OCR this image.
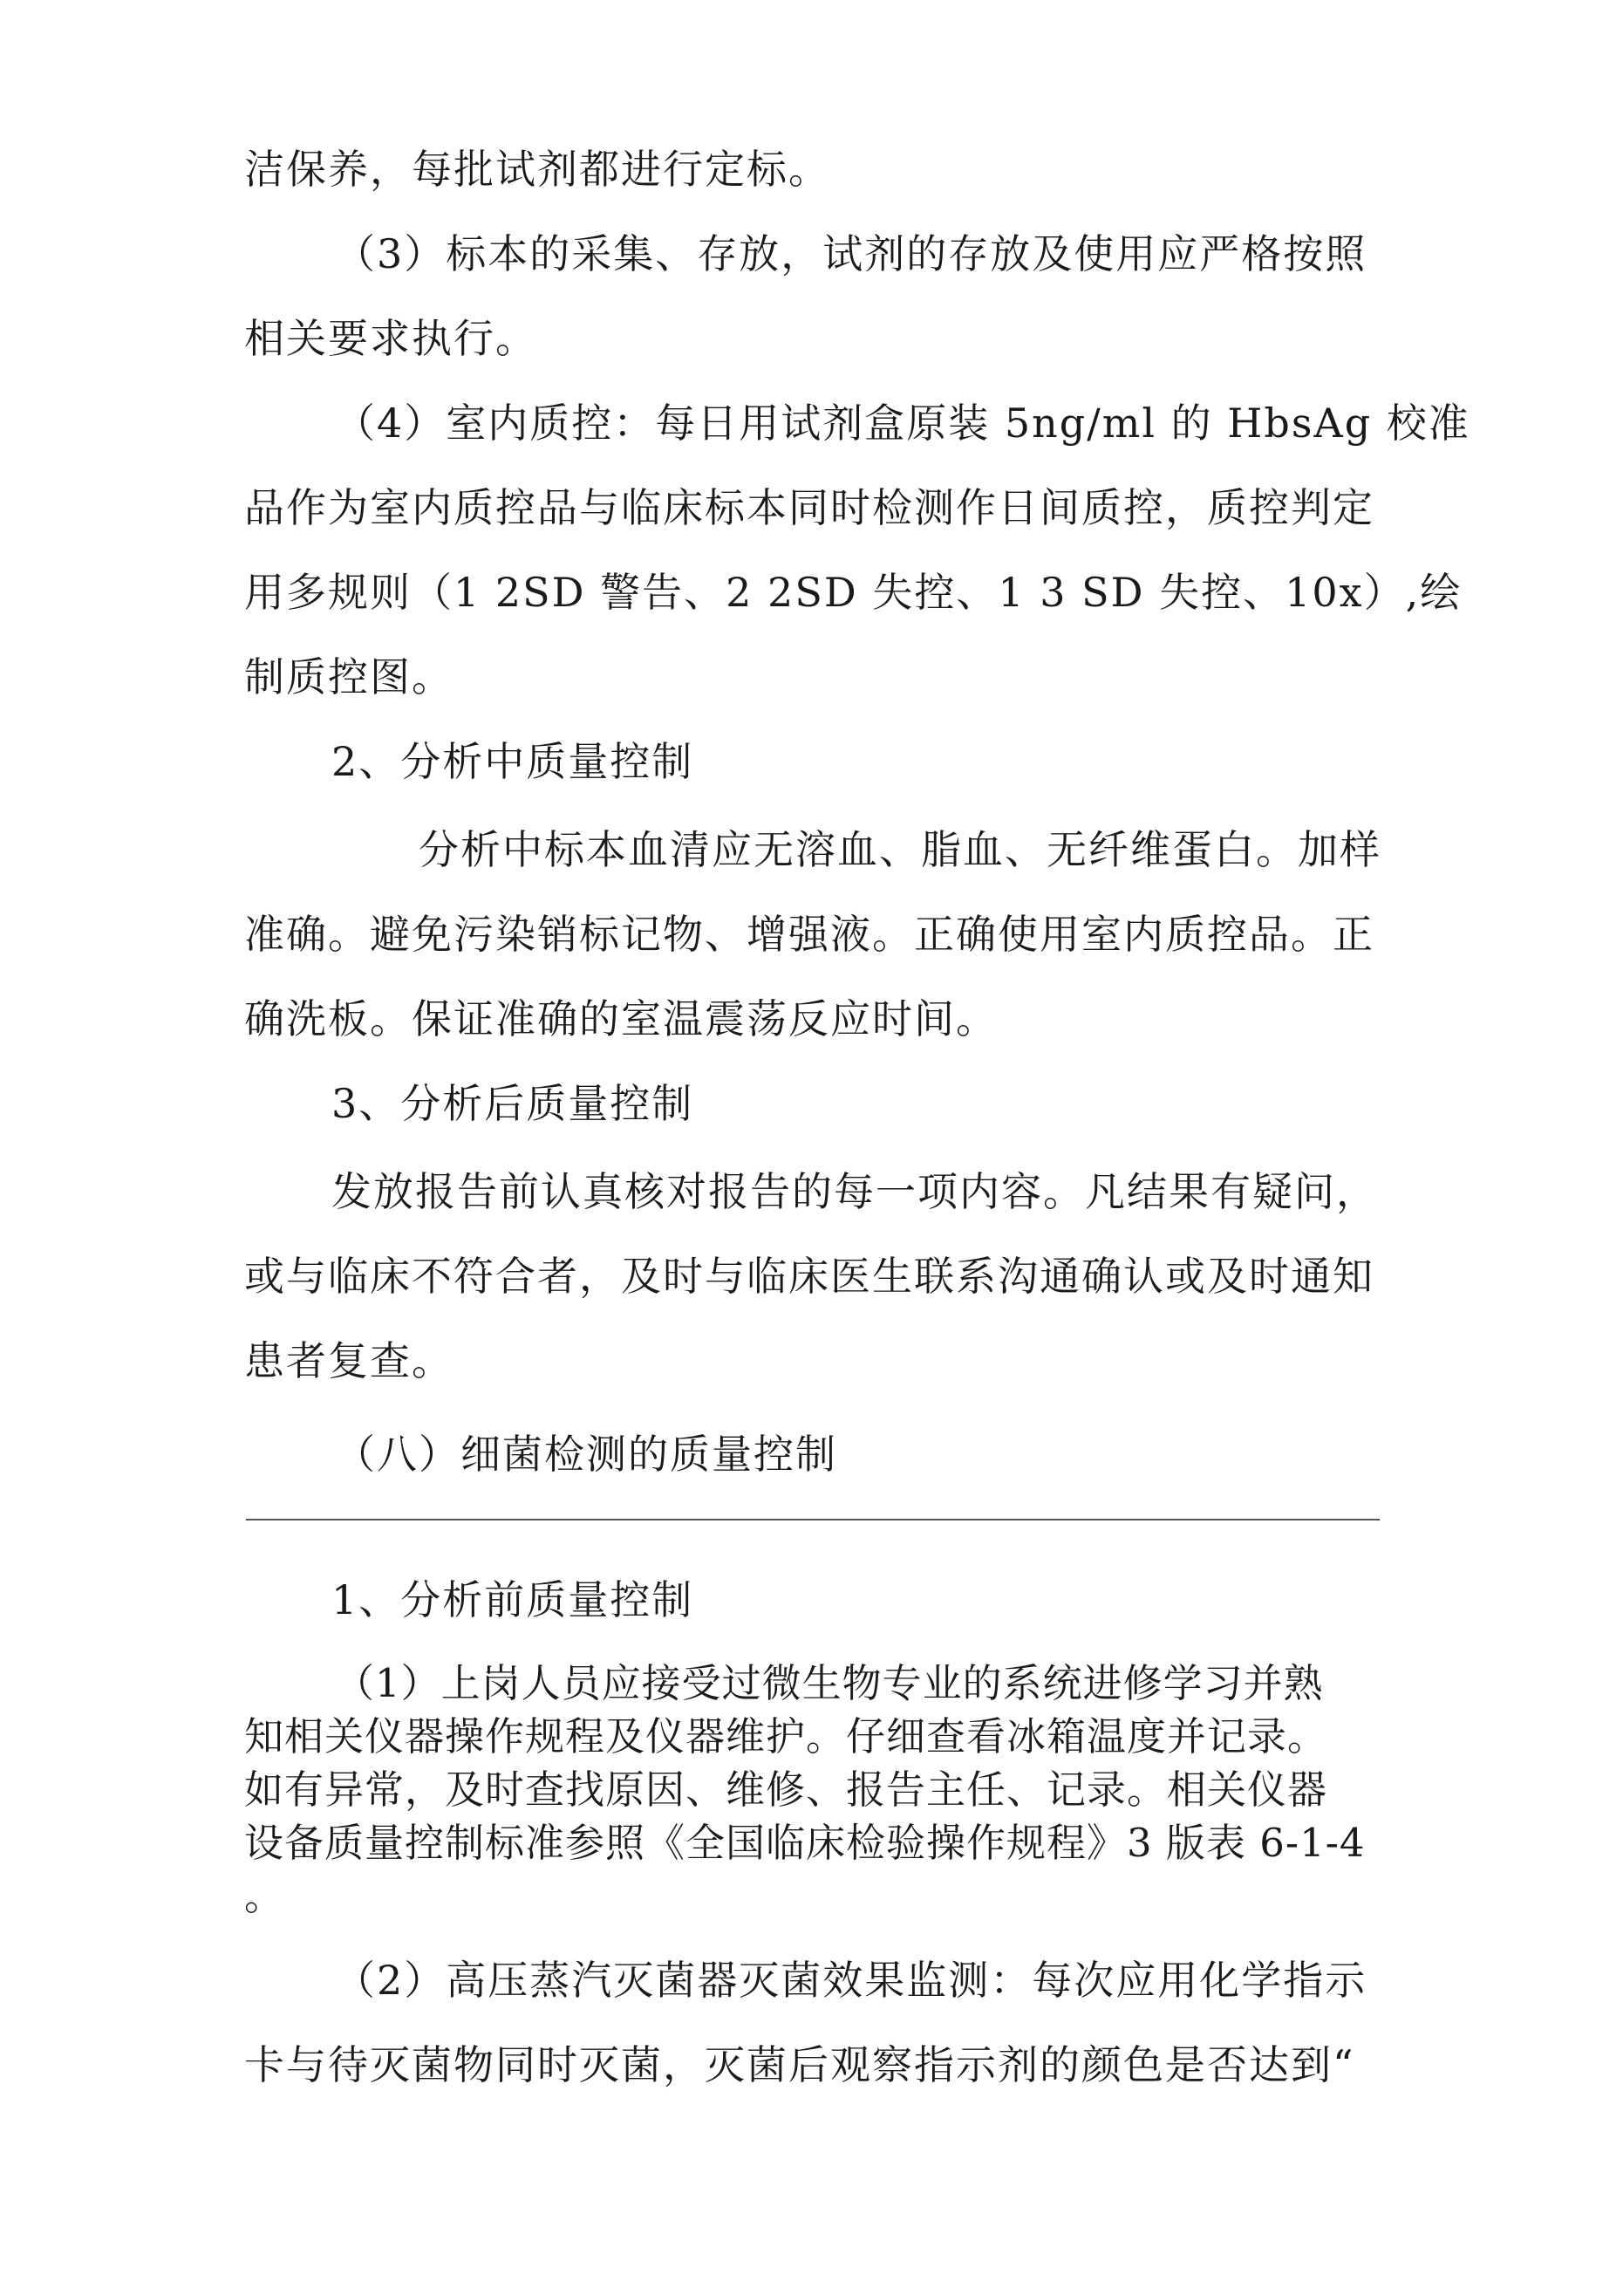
洁保养，每批试剂都进行定标。
（3）标本的采集、存放，试剂的存放及使用应严格按照
相关要求执行。
（4）室内质控：每日用试剂盒原装 5ng/ml 的 HbsAg 校准
品作为室内质控品与临床标本同时检测作日间质控，质控判定
用多规则（1 2SD 警告、2 2SD 失控、1 3 SD 失控、10x）,绘
制质控图。
2、分析中质量控制
分析中标本血清应无溶血、脂血、无纤维蛋白。加样
准确。避免污染销标记物、增强液。正确使用室内质控品。正
确洗板。保证准确的室温震荡反应时间。
3、分析后质量控制
发放报告前认真核对报告的每一项内容。凡结果有疑问，
或与临床不符合者，及时与临床医生联系沟通确认或及时通知
患者复查。
（八）细菌检测的质量控制
1、分析前质量控制
（1）上岗人员应接受过微生物专业的系统进修学习并熟
知相关仪器操作规程及仪器维护。仔细查看冰箱温度并记录。
如有异常，及时查找原因、维修、报告主任、记录。相关仪器
设备质量控制标准参照《全国临床检验操作规程》3 版表 6-1-4
。
（2）高压蒸汽灭菌器灭菌效果监测：每次应用化学指示
卡与待灭菌物同时灭菌，灭菌后观察指示剂的颜色是否达到“
